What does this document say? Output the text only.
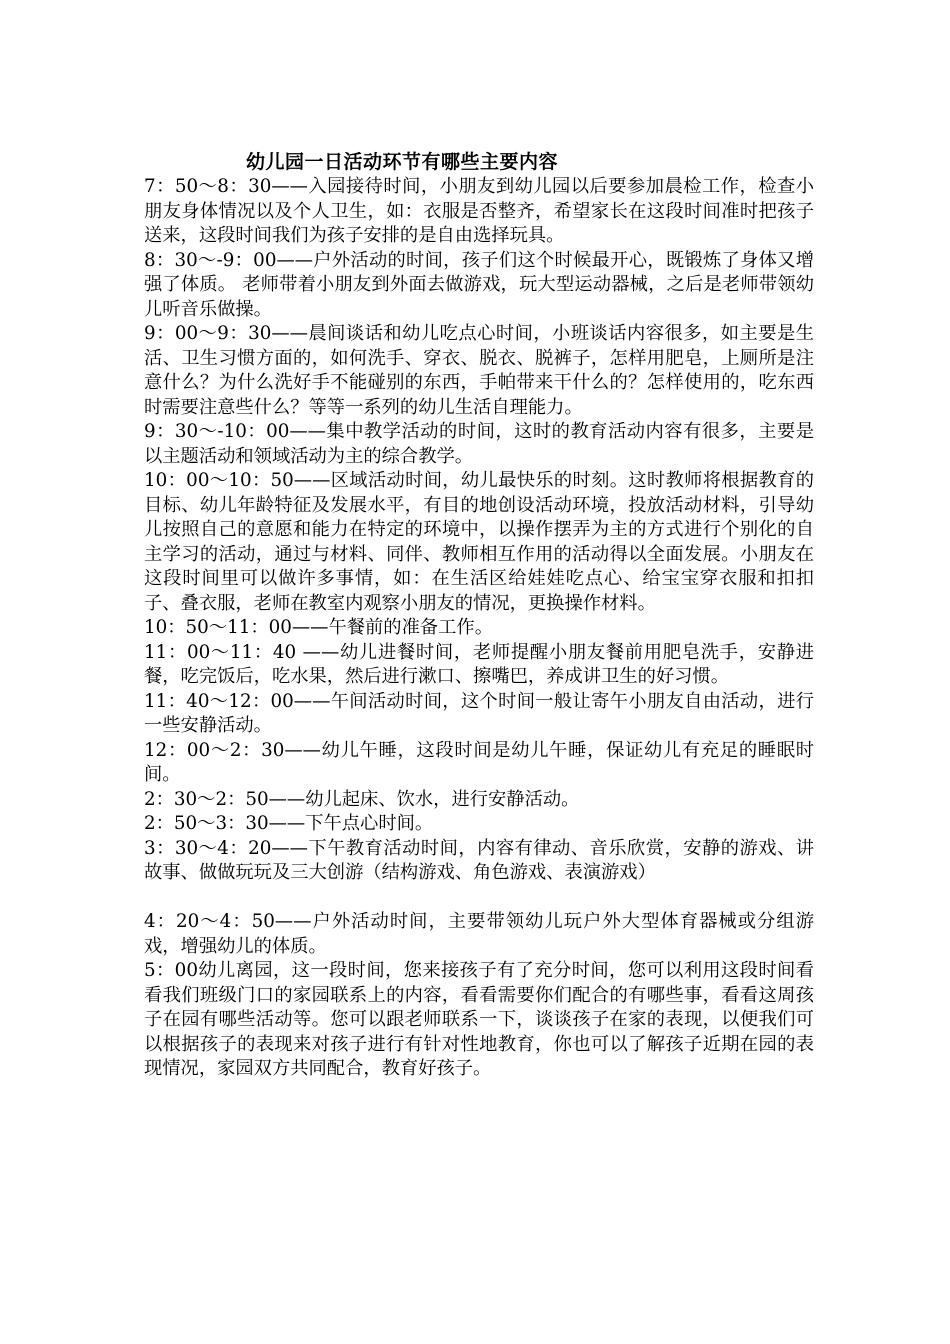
幼儿园一日活动环节有哪些主要内容

7：50～8：30——入园接待时间，小朋友到幼儿园以后要参加晨检工作，检查小朋友身体情况以及个人卫生，如：衣服是否整齐，希望家长在这段时间准时把孩子送来，这段时间我们为孩子安排的是自由选择玩具。

8：30～-9：00——户外活动的时间，孩子们这个时候最开心，既锻炼了身体又增强了体质。 老师带着小朋友到外面去做游戏，玩大型运动器械，之后是老师带领幼儿听音乐做操。

9：00～9：30——晨间谈话和幼儿吃点心时间，小班谈话内容很多，如主要是生活、卫生习惯方面的，如何洗手、穿衣、脱衣、脱裤子，怎样用肥皂，上厕所是注意什么？为什么洗好手不能碰别的东西，手帕带来干什么的？怎样使用的，吃东西时需要注意些什么？等等一系列的幼儿生活自理能力。

9：30～-10：00——集中教学活动的时间，这时的教育活动内容有很多，主要是以主题活动和领域活动为主的综合教学。

10：00～10：50——区域活动时间，幼儿最快乐的时刻。这时教师将根据教育的目标、幼儿年龄特征及发展水平，有目的地创设活动环境，投放活动材料，引导幼儿按照自己的意愿和能力在特定的环境中，以操作摆弄为主的方式进行个别化的自主学习的活动，通过与材料、同伴、教师相互作用的活动得以全面发展。小朋友在这段时间里可以做许多事情，如：在生活区给娃娃吃点心、给宝宝穿衣服和扣扣子、叠衣服，老师在教室内观察小朋友的情况，更换操作材料。

10：50～11：00——午餐前的准备工作。

11：00～11：40 ——幼儿进餐时间，老师提醒小朋友餐前用肥皂洗手，安静进餐，吃完饭后，吃水果，然后进行漱口、擦嘴巴，养成讲卫生的好习惯。

11：40～12：00——午间活动时间，这个时间一般让寄午小朋友自由活动，进行一些安静活动。

12：00～2：30——幼儿午睡，这段时间是幼儿午睡，保证幼儿有充足的睡眠时间。

2：30～2：50——幼儿起床、饮水，进行安静活动。

2：50～3：30——下午点心时间。

3：30～4：20——下午教育活动时间，内容有律动、音乐欣赏，安静的游戏、讲故事、做做玩玩及三大创游（结构游戏、角色游戏、表演游戏）

4：20～4：50——户外活动时间，主要带领幼儿玩户外大型体育器械或分组游戏，增强幼儿的体质。

5：00幼儿离园，这一段时间，您来接孩子有了充分时间，您可以利用这段时间看看我们班级门口的家园联系上的内容，看看需要你们配合的有哪些事，看看这周孩子在园有哪些活动等。您可以跟老师联系一下，谈谈孩子在家的表现，以便我们可以根据孩子的表现来对孩子进行有针对性地教育，你也可以了解孩子近期在园的表现情况，家园双方共同配合，教育好孩子。
